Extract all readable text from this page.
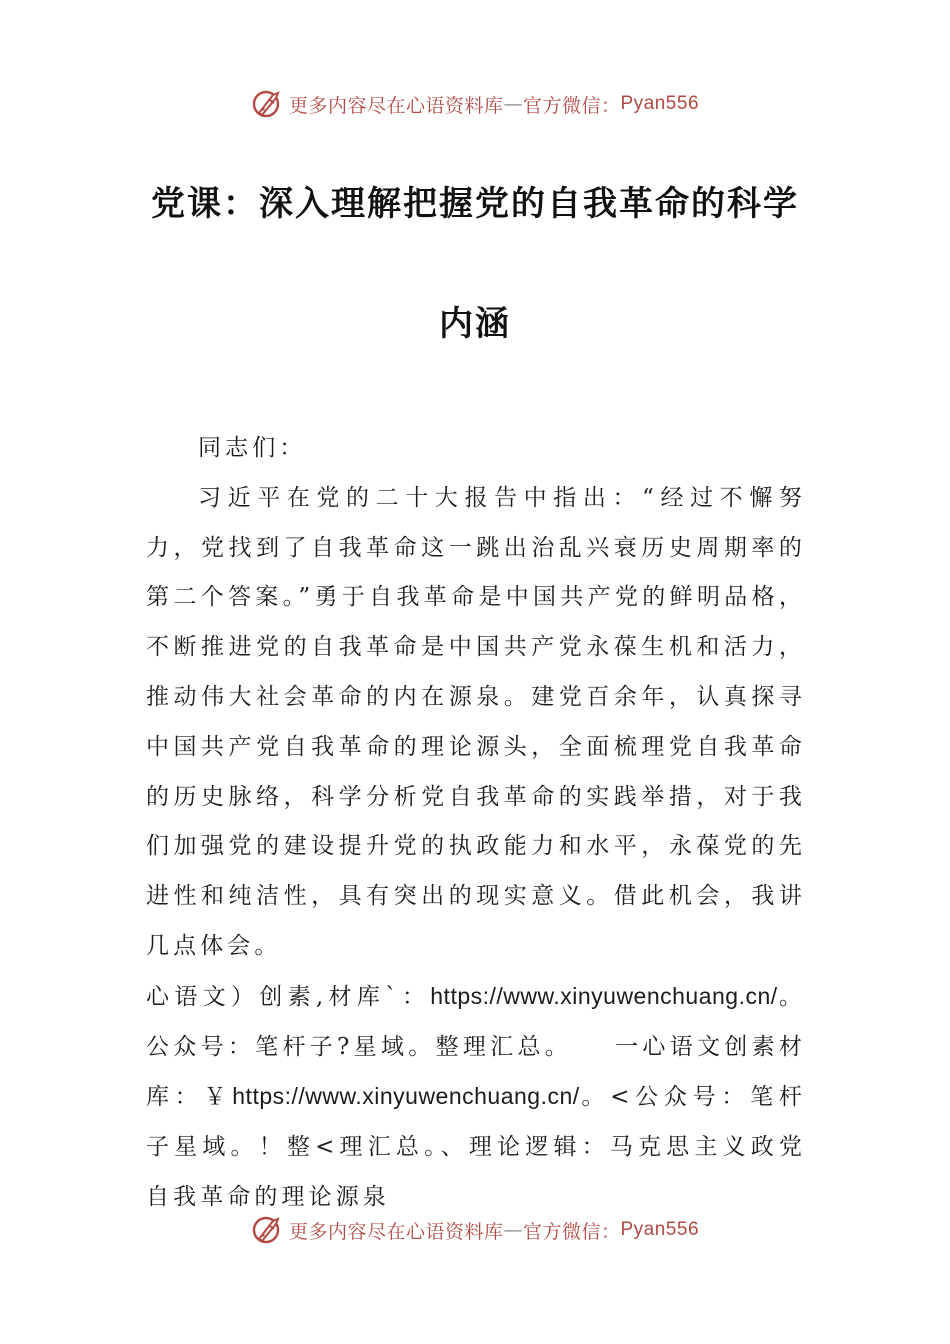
更多内容尽在心语资料库 — 官方微信： Pyan556
党课：深入理解把握党的自我革命的科学
内涵

同志们：

习近平在党的二十大报告中指出：“经过不懈努力，党找到了自我革命这一跳出治乱兴衰历史周期率的第二个答案。”勇于自我革命是中国共产党的鲜明品格，不断推进党的自我革命是中国共产党永葆生机和活力，推动伟大社会革命的内在源泉。建党百余年，认真探寻中国共产党自我革命的理论源头，全面梳理党自我革命的历史脉络，科学分析党自我革命的实践举措，对于我们加强党的建设提升党的执政能力和水平，永葆党的先进性和纯洁性，具有突出的现实意义。借此机会，我讲几点体会。

心语文）创素,材库`：https://www.xinyuwenchuang.cn/。公众号：笔杆子?星域。整理汇总。　　一心语文创素材库：￥https://www.xinyuwenchuang.cn/。<公众号：笔杆子星域。！整<理汇总。、理论逻辑：马克思主义政党自我革命的理论源泉

更多内容尽在心语资料库 — 官方微信： Pyan556
